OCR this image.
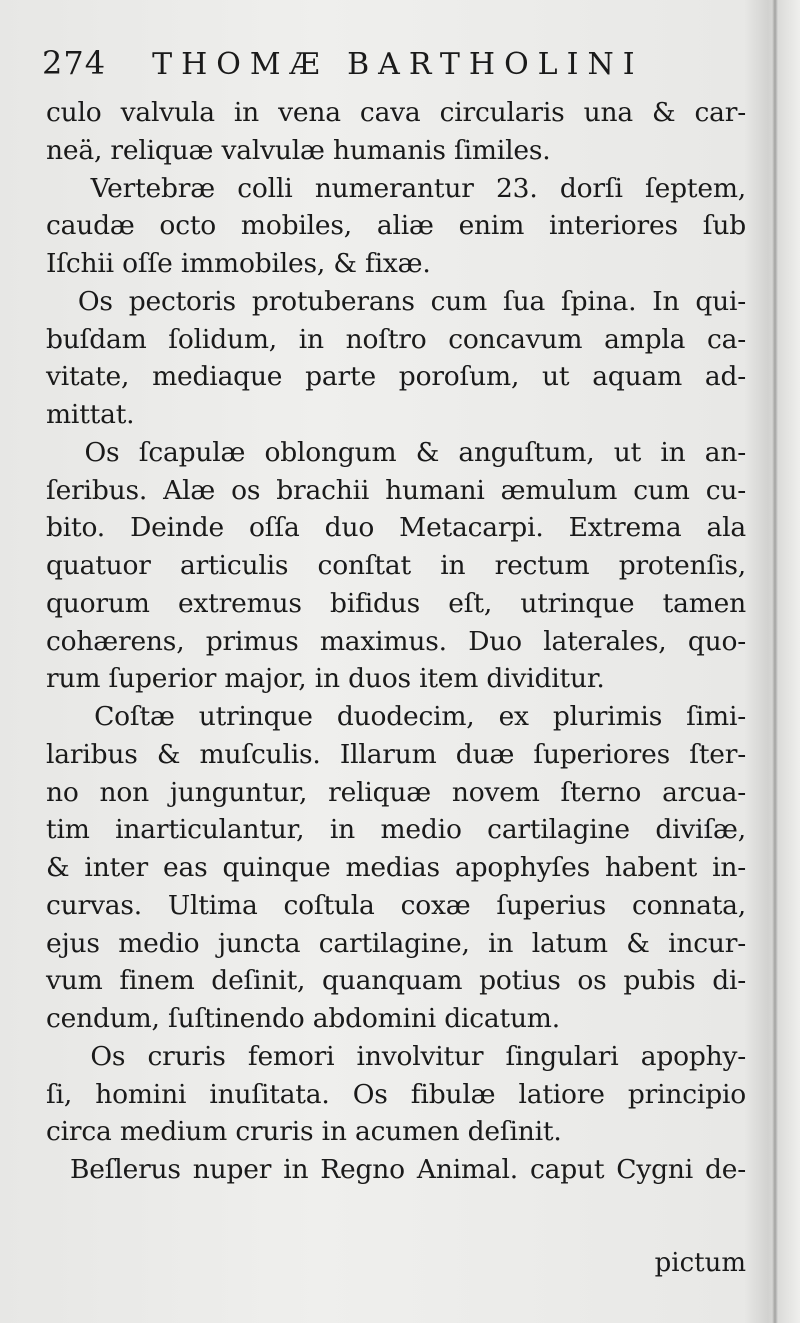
274 THOMÆ BARTHOLINI
culo valvula in vena cava circularis una & car-
neä, reliquæ valvulæ humanis ſimiles.
Vertebræ colli numerantur 23. dorſi ſeptem,
caudæ octo mobiles, aliæ enim interiores ſub
Iſchii oſſe immobiles, & fixæ.
Os pectoris protuberans cum ſua ſpina. In qui-
buſdam ſolidum, in noſtro concavum ampla ca-
vitate, mediaque parte poroſum, ut aquam ad-
mittat.
Os ſcapulæ oblongum & anguſtum, ut in an-
ſeribus. Alæ os brachii humani æmulum cum cu-
bito. Deinde oſſa duo Metacarpi. Extrema ala
quatuor articulis conſtat in rectum protenſis,
quorum extremus bifidus eſt, utrinque tamen
cohærens, primus maximus. Duo laterales, quo-
rum ſuperior major, in duos item dividitur.
Coſtæ utrinque duodecim, ex plurimis ſimi-
laribus & muſculis. Illarum duæ ſuperiores ſter-
no non junguntur, reliquæ novem ſterno arcua-
tim inarticulantur, in medio cartilagine diviſæ,
& inter eas quinque medias apophyſes habent in-
curvas. Ultima coſtula coxæ ſuperius connata,
ejus medio juncta cartilagine, in latum & incur-
vum finem deſinit, quanquam potius os pubis di-
cendum, ſuſtinendo abdomini dicatum.
Os cruris femori involvitur ſingulari apophy-
ſi, homini inuſitata. Os fibulæ latiore principio
circa medium cruris in acumen deſinit.
Beſlerus nuper in Regno Animal. caput Cygni de-
pictum
